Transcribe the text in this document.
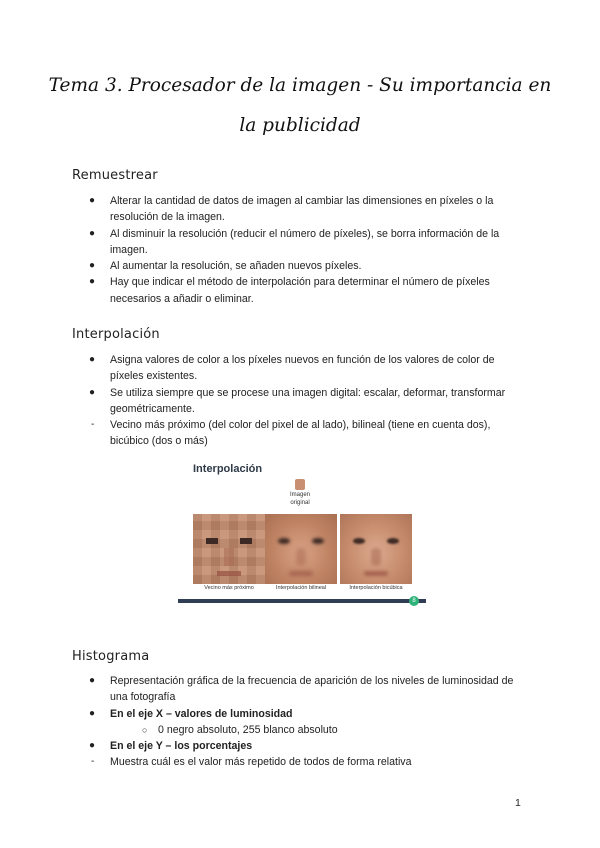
Tema 3. Procesador de la imagen - Su importancia en
la publicidad
Remuestrear
● Alterar la cantidad de datos de imagen al cambiar las dimensiones en píxeles o la resolución de la imagen.
● Al disminuir la resolución (reducir el número de píxeles), se borra información de la imagen.
● Al aumentar la resolución, se añaden nuevos píxeles.
● Hay que indicar el método de interpolación para determinar el número de píxeles necesarios a añadir o eliminar.
Interpolación
● Asigna valores de color a los píxeles nuevos en función de los valores de color de píxeles existentes.
● Se utiliza siempre que se procese una imagen digital: escalar, deformar, transformar geométricamente.
- Vecino más próximo (del color del pixel de al lado), bilineal (tiene en cuenta dos), bicúbico (dos o más)
Interpolación
Imagen original
Vecino más próximo	Interpolación bilineal	Interpolación bicúbica
8
Histograma
● Representación gráfica de la frecuencia de aparición de los niveles de luminosidad de una fotografía
● En el eje X – valores de luminosidad
○ 0 negro absoluto, 255 blanco absoluto
● En el eje Y – los porcentajes
- Muestra cuál es el valor más repetido de todos de forma relativa
1
